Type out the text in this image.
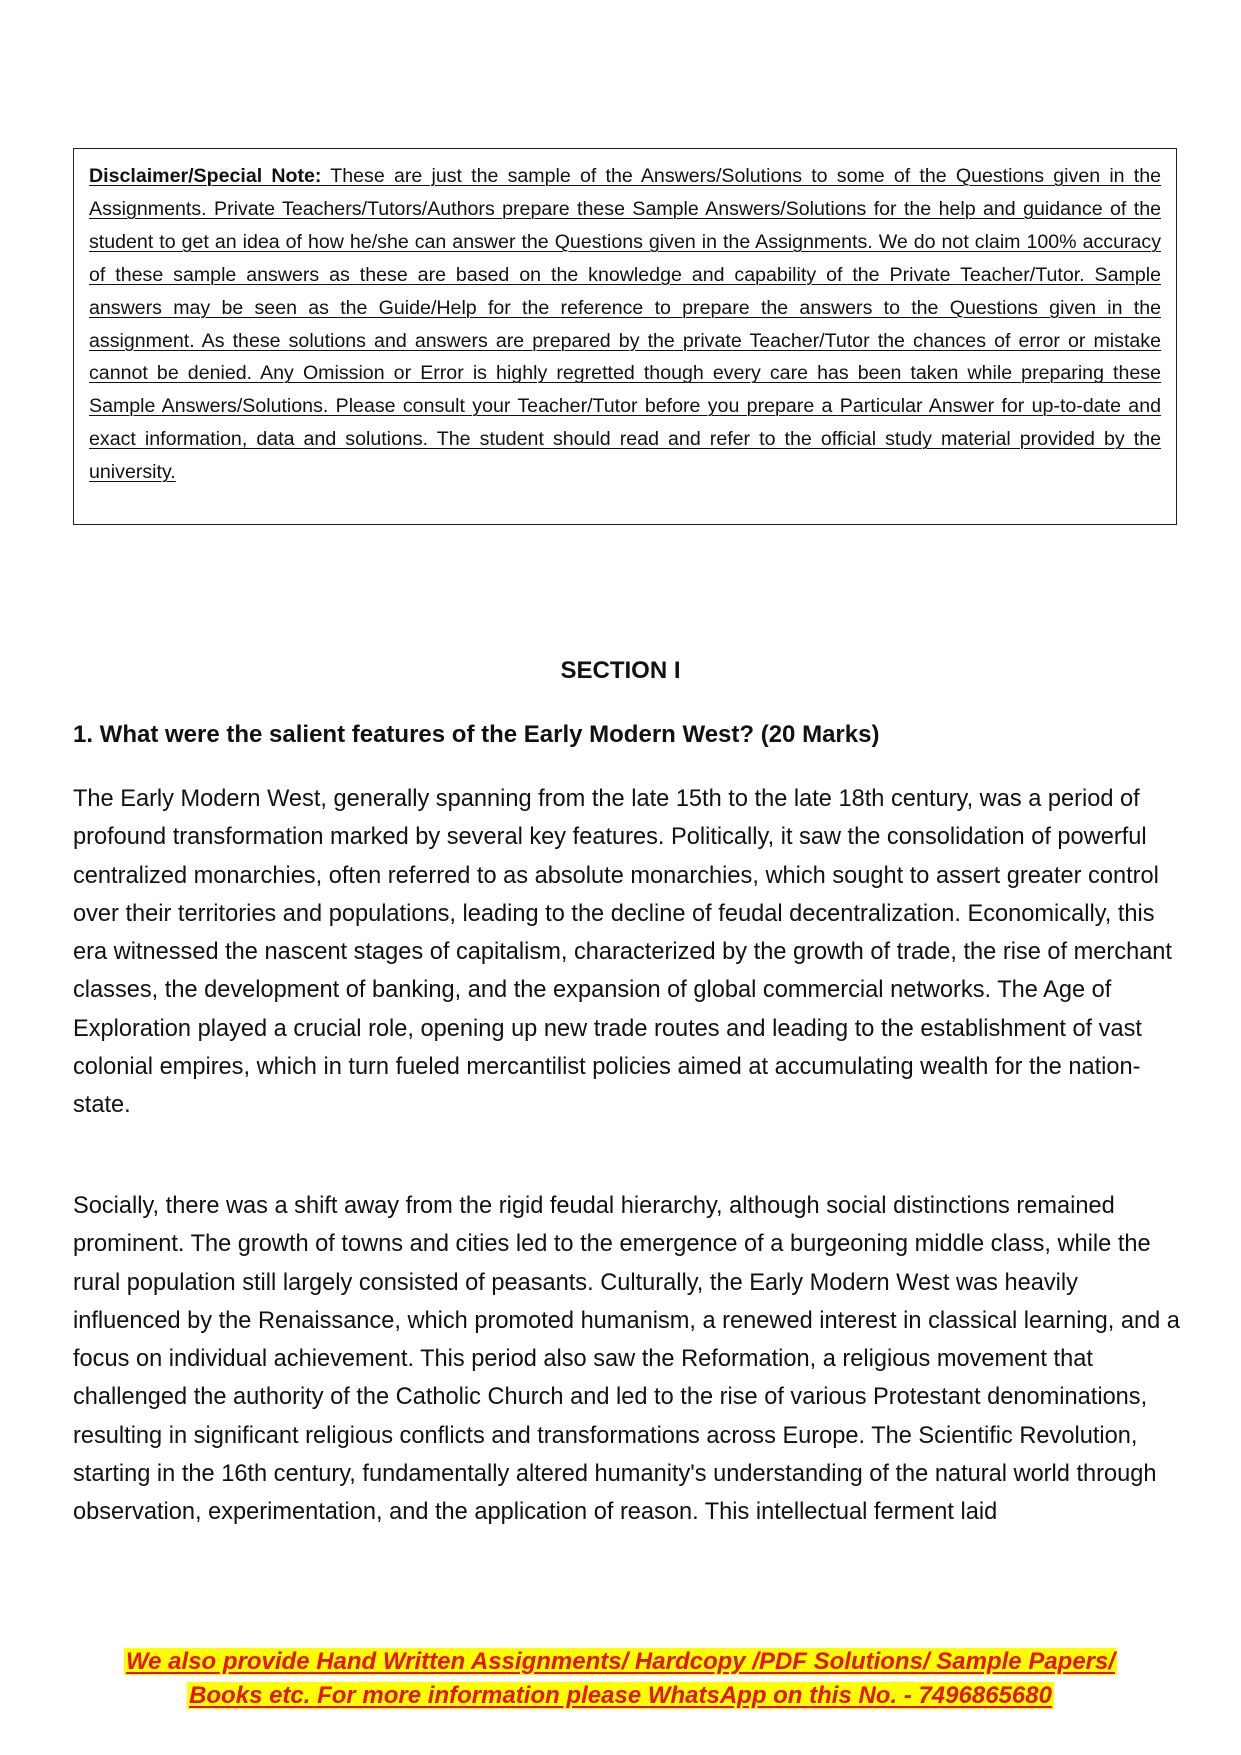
Disclaimer/Special Note: These are just the sample of the Answers/Solutions to some of the Questions given in the Assignments. Private Teachers/Tutors/Authors prepare these Sample Answers/Solutions for the help and guidance of the student to get an idea of how he/she can answer the Questions given in the Assignments. We do not claim 100% accuracy of these sample answers as these are based on the knowledge and capability of the Private Teacher/Tutor. Sample answers may be seen as the Guide/Help for the reference to prepare the answers to the Questions given in the assignment. As these solutions and answers are prepared by the private Teacher/Tutor the chances of error or mistake cannot be denied. Any Omission or Error is highly regretted though every care has been taken while preparing these Sample Answers/Solutions. Please consult your Teacher/Tutor before you prepare a Particular Answer for up-to-date and exact information, data and solutions. The student should read and refer to the official study material provided by the university.

SECTION I
1. What were the salient features of the Early Modern West? (20 Marks)

The Early Modern West, generally spanning from the late 15th to the late 18th century, was a period of profound transformation marked by several key features. Politically, it saw the consolidation of powerful centralized monarchies, often referred to as absolute monarchies, which sought to assert greater control over their territories and populations, leading to the decline of feudal decentralization. Economically, this era witnessed the nascent stages of capitalism, characterized by the growth of trade, the rise of merchant classes, the development of banking, and the expansion of global commercial networks. The Age of Exploration played a crucial role, opening up new trade routes and leading to the establishment of vast colonial empires, which in turn fueled mercantilist policies aimed at accumulating wealth for the nation-state.

Socially, there was a shift away from the rigid feudal hierarchy, although social distinctions remained prominent. The growth of towns and cities led to the emergence of a burgeoning middle class, while the rural population still largely consisted of peasants. Culturally, the Early Modern West was heavily influenced by the Renaissance, which promoted humanism, a renewed interest in classical learning, and a focus on individual achievement. This period also saw the Reformation, a religious movement that challenged the authority of the Catholic Church and led to the rise of various Protestant denominations, resulting in significant religious conflicts and transformations across Europe. The Scientific Revolution, starting in the 16th century, fundamentally altered humanity's understanding of the natural world through observation, experimentation, and the application of reason. This intellectual ferment laid

We also provide Hand Written Assignments/ Hardcopy /PDF Solutions/ Sample Papers/
Books etc. For more information please WhatsApp on this No. - 7496865680
